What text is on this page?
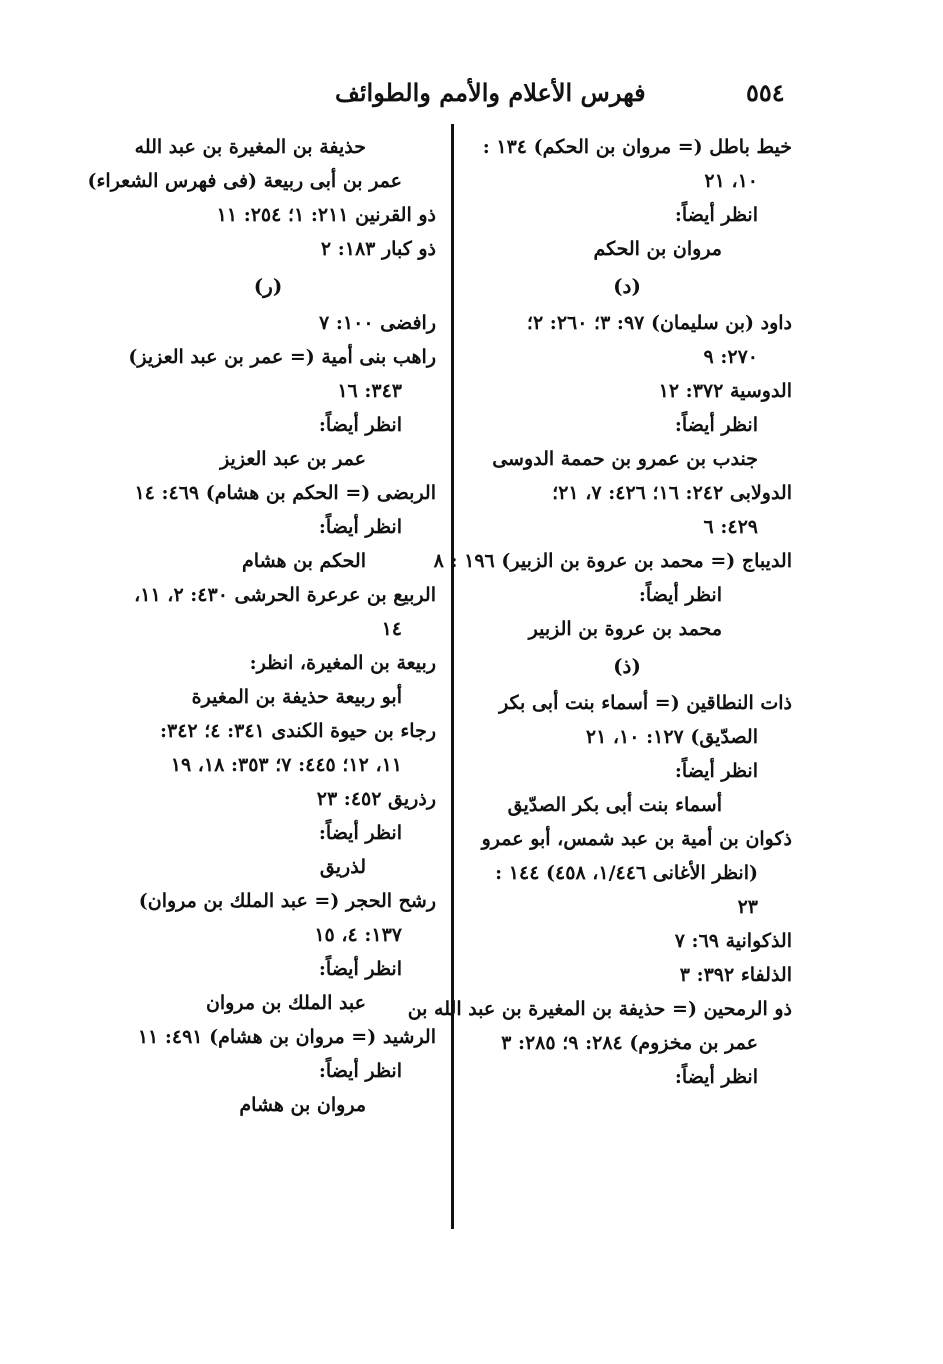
٥٥٤
فهرس الأعلام والأمم والطوائف
خيط باطل (= مروان بن الحكم) ١٣٤ :
١٠، ٢١
انظر أيضاً:
مروان بن الحكم
(د)
داود (بن سليمان) ٩٧: ٣؛ ٢٦٠: ٢؛
٢٧٠: ٩
الدوسية ٣٧٢: ١٢
انظر أيضاً:
جندب بن عمرو بن حممة الدوسى
الدولابى ٢٤٢: ١٦؛ ٤٢٦: ٧، ٢١؛
٤٢٩: ٦
الديباج (= محمد بن عروة بن الزبير) ١٩٦ : ٨
انظر أيضاً:
محمد بن عروة بن الزبير
(ذ)
ذات النطاقين (= أسماء بنت أبى بكر
الصدّيق) ١٢٧: ١٠، ٢١
انظر أيضاً:
أسماء بنت أبى بكر الصدّيق
ذكوان بن أمية بن عبد شمس، أبو عمرو
(انظر الأغانى ١/٤٤٦، ٤٥٨) ١٤٤ :
٢٣
الذكوانية ٦٩: ٧
الذلفاء ٣٩٢: ٣
ذو الرمحين (= حذيفة بن المغيرة بن عبد الله بن
عمر بن مخزوم) ٢٨٤: ٩؛ ٢٨٥: ٣
انظر أيضاً:
حذيفة بن المغيرة بن عبد الله
عمر بن أبى ربيعة (فى فهرس الشعراء)
ذو القرنين ٢١١: ١؛ ٢٥٤: ١١
ذو كبار ١٨٣: ٢
(ر)
رافضى ١٠٠: ٧
راهب بنى أمية (= عمر بن عبد العزيز)
٣٤٣: ١٦
انظر أيضاً:
عمر بن عبد العزيز
الربضى (= الحكم بن هشام) ٤٦٩: ١٤
انظر أيضاً:
الحكم بن هشام
الربيع بن عرعرة الحرشى ٤٣٠: ٢، ١١،
١٤
ربيعة بن المغيرة، انظر:
أبو ربيعة حذيفة بن المغيرة
رجاء بن حيوة الكندى ٣٤١: ٤؛ ٣٤٢:
١١، ١٢؛ ٤٤٥: ٧؛ ٣٥٣: ١٨، ١٩
رذريق ٤٥٢: ٢٣
انظر أيضاً:
لذريق
رشح الحجر (= عبد الملك بن مروان)
١٣٧: ٤، ١٥
انظر أيضاً:
عبد الملك بن مروان
الرشيد (= مروان بن هشام) ٤٩١: ١١
انظر أيضاً:
مروان بن هشام
